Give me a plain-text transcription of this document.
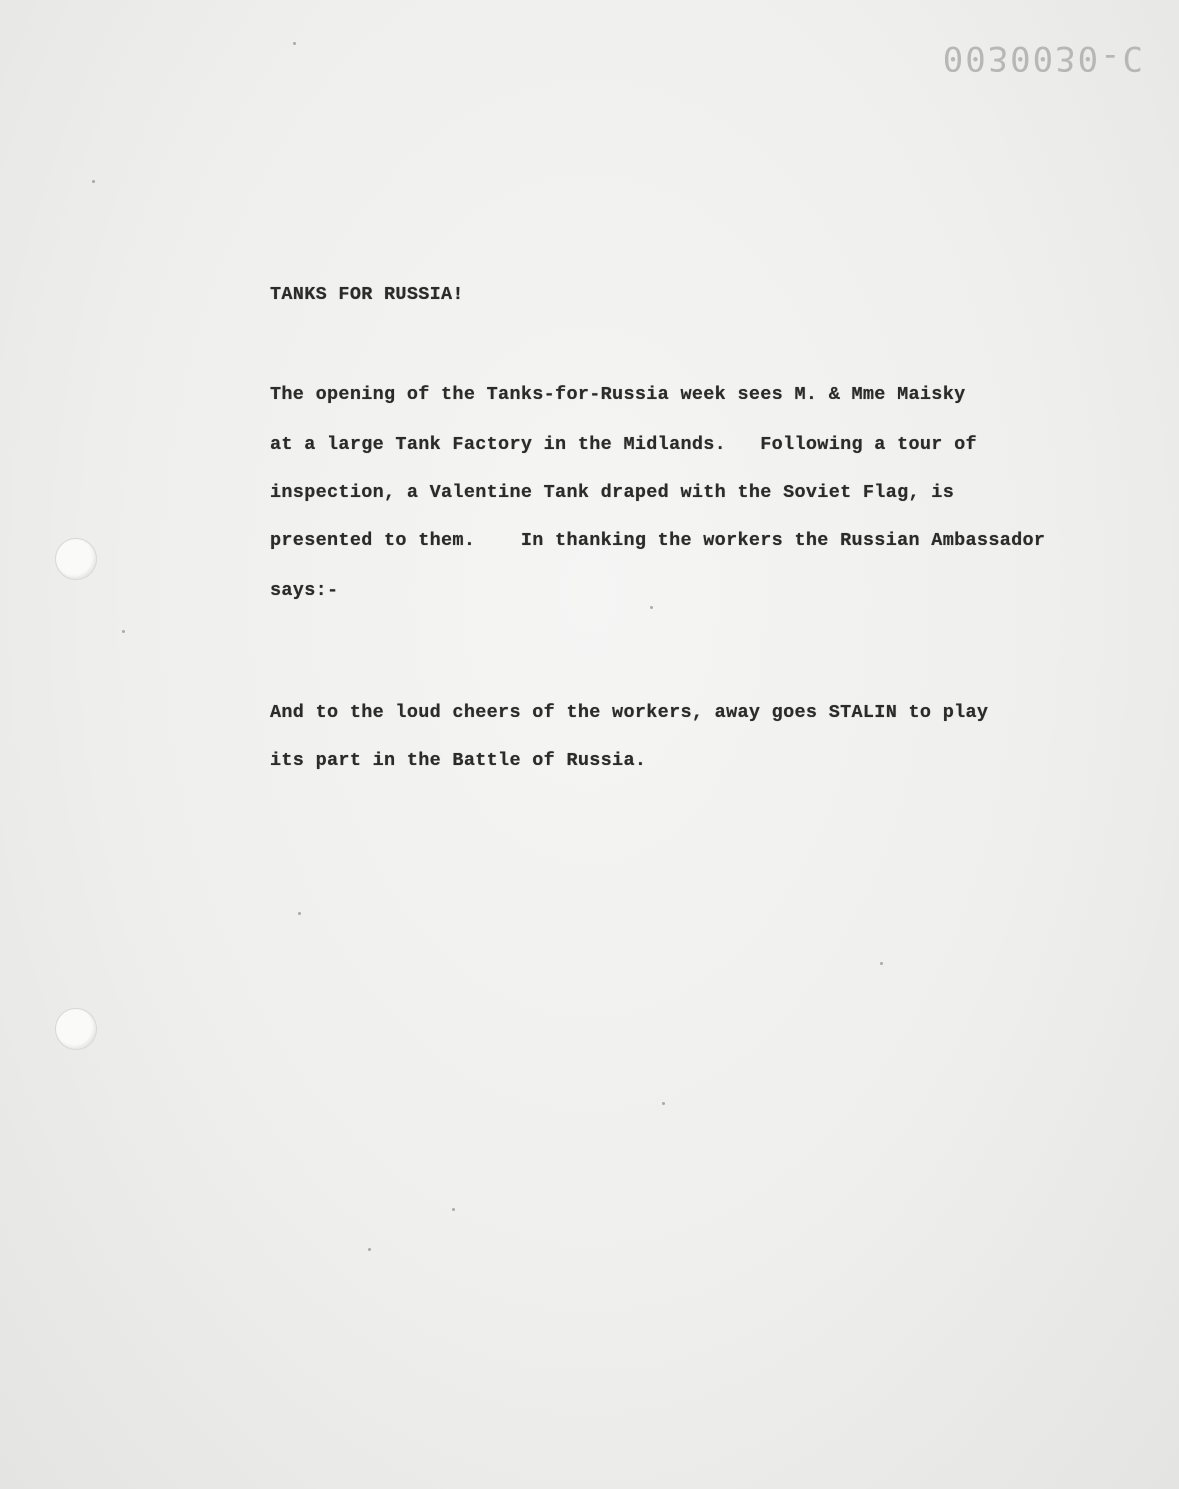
0030030-C
TANKS FOR RUSSIA!
The opening of the Tanks-for-Russia week sees M. & Mme Maisky
at a large Tank Factory in the Midlands.   Following a tour of
inspection, a Valentine Tank draped with the Soviet Flag, is
presented to them.    In thanking the workers the Russian Ambassador
says:-
And to the loud cheers of the workers, away goes STALIN to play
its part in the Battle of Russia.
